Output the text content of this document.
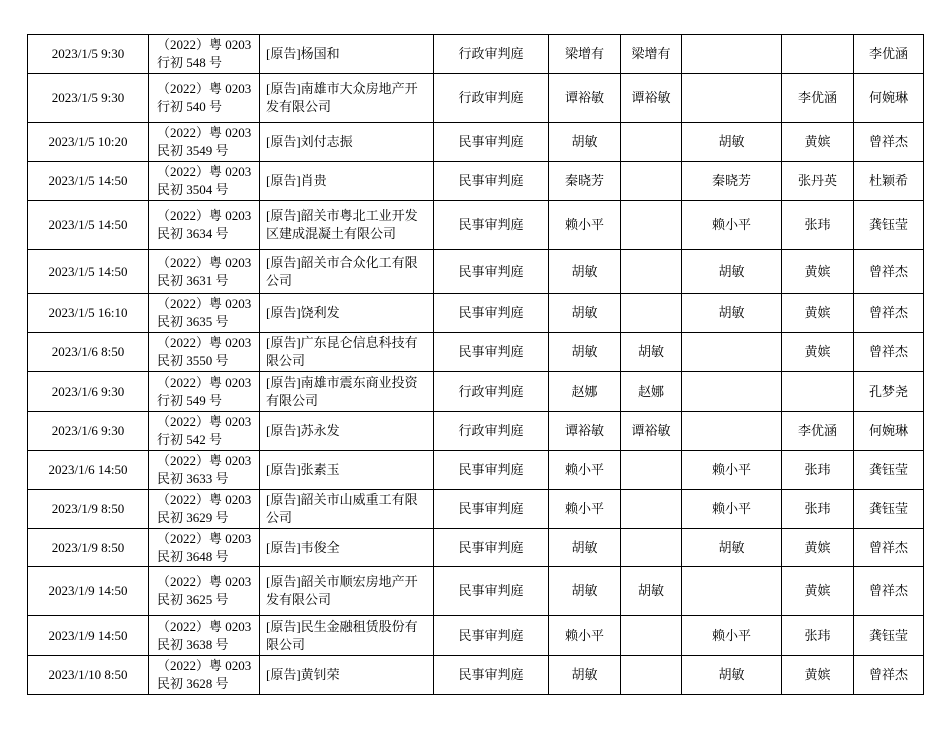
2023/1/5 9:30	（2022）粤 0203 行初 548 号	[原告]杨国和	行政审判庭	梁增有	梁增有			李优涵
2023/1/5 9:30	（2022）粤 0203 行初 540 号	[原告]南雄市大众房地产开发有限公司	行政审判庭	谭裕敏	谭裕敏		李优涵	何婉琳
2023/1/5 10:20	（2022）粤 0203 民初 3549 号	[原告]刘付志振	民事审判庭	胡敏		胡敏	黄嫔	曾祥杰
2023/1/5 14:50	（2022）粤 0203 民初 3504 号	[原告]肖贵	民事审判庭	秦晓芳		秦晓芳	张丹英	杜颖希
2023/1/5 14:50	（2022）粤 0203 民初 3634 号	[原告]韶关市粤北工业开发区建成混凝土有限公司	民事审判庭	赖小平		赖小平	张玮	龚钰莹
2023/1/5 14:50	（2022）粤 0203 民初 3631 号	[原告]韶关市合众化工有限公司	民事审判庭	胡敏		胡敏	黄嫔	曾祥杰
2023/1/5 16:10	（2022）粤 0203 民初 3635 号	[原告]饶利发	民事审判庭	胡敏		胡敏	黄嫔	曾祥杰
2023/1/6 8:50	（2022）粤 0203 民初 3550 号	[原告]广东昆仑信息科技有限公司	民事审判庭	胡敏	胡敏		黄嫔	曾祥杰
2023/1/6 9:30	（2022）粤 0203 行初 549 号	[原告]南雄市震东商业投资有限公司	行政审判庭	赵娜	赵娜			孔梦尧
2023/1/6 9:30	（2022）粤 0203 行初 542 号	[原告]苏永发	行政审判庭	谭裕敏	谭裕敏		李优涵	何婉琳
2023/1/6 14:50	（2022）粤 0203 民初 3633 号	[原告]张素玉	民事审判庭	赖小平		赖小平	张玮	龚钰莹
2023/1/9 8:50	（2022）粤 0203 民初 3629 号	[原告]韶关市山威重工有限公司	民事审判庭	赖小平		赖小平	张玮	龚钰莹
2023/1/9 8:50	（2022）粤 0203 民初 3648 号	[原告]韦俊全	民事审判庭	胡敏		胡敏	黄嫔	曾祥杰
2023/1/9 14:50	（2022）粤 0203 民初 3625 号	[原告]韶关市顺宏房地产开发有限公司	民事审判庭	胡敏	胡敏		黄嫔	曾祥杰
2023/1/9 14:50	（2022）粤 0203 民初 3638 号	[原告]民生金融租赁股份有限公司	民事审判庭	赖小平		赖小平	张玮	龚钰莹
2023/1/10 8:50	（2022）粤 0203 民初 3628 号	[原告]黄钊荣	民事审判庭	胡敏		胡敏	黄嫔	曾祥杰
